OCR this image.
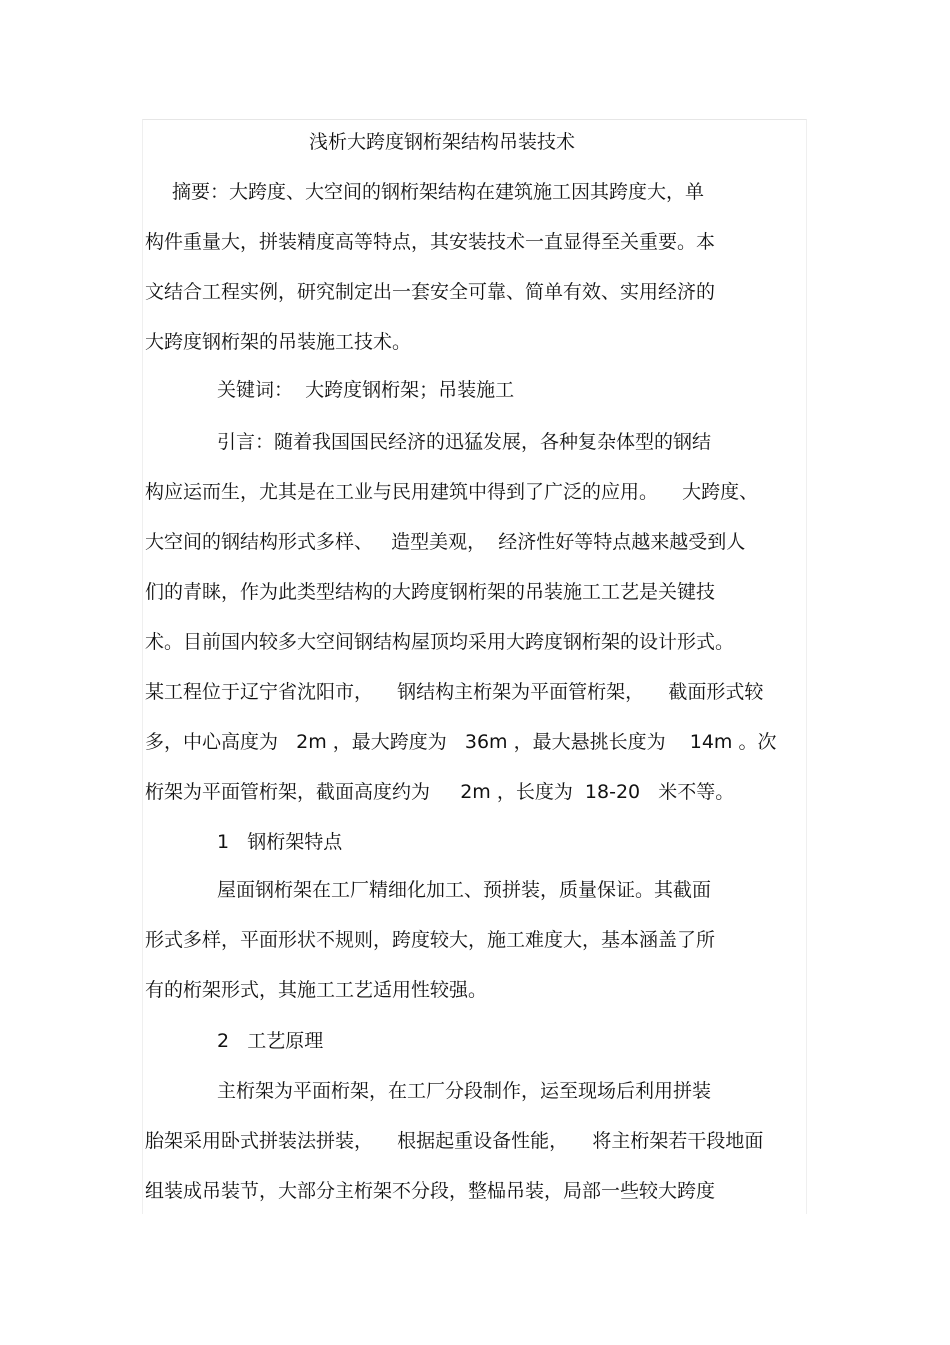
浅析大跨度钢桁架结构吊装技术
摘要：大跨度、大空间的钢桁架结构在建筑施工因其跨度大，单
构件重量大，拼装精度高等特点，其安装技术一直显得至关重要。本
文结合工程实例，研究制定出一套安全可靠、简单有效、实用经济的
大跨度钢桁架的吊装施工技术。
关键词：  大跨度钢桁架；吊装施工
引言：随着我国国民经济的迅猛发展，各种复杂体型的钢结
构应运而生，尤其是在工业与民用建筑中得到了广泛的应用。    大跨度、
大空间的钢结构形式多样、   造型美观，  经济性好等特点越来越受到人
们的青睐，作为此类型结构的大跨度钢桁架的吊装施工工艺是关键技
术。目前国内较多大空间钢结构屋顶均采用大跨度钢桁架的设计形式。
某工程位于辽宁省沈阳市，    钢结构主桁架为平面管桁架，    截面形式较
多，中心高度为   2m ，最大跨度为   36m ，最大悬挑长度为    14m 。次
桁架为平面管桁架，截面高度约为     2m ，长度为  18-20   米不等。
1   钢桁架特点
屋面钢桁架在工厂精细化加工、预拼装，质量保证。其截面
形式多样，平面形状不规则，跨度较大，施工难度大，基本涵盖了所
有的桁架形式，其施工工艺适用性较强。
2   工艺原理
主桁架为平面桁架，在工厂分段制作，运至现场后利用拼装
胎架采用卧式拼装法拼装，    根据起重设备性能，    将主桁架若干段地面
组装成吊装节，大部分主桁架不分段，整榀吊装，局部一些较大跨度
